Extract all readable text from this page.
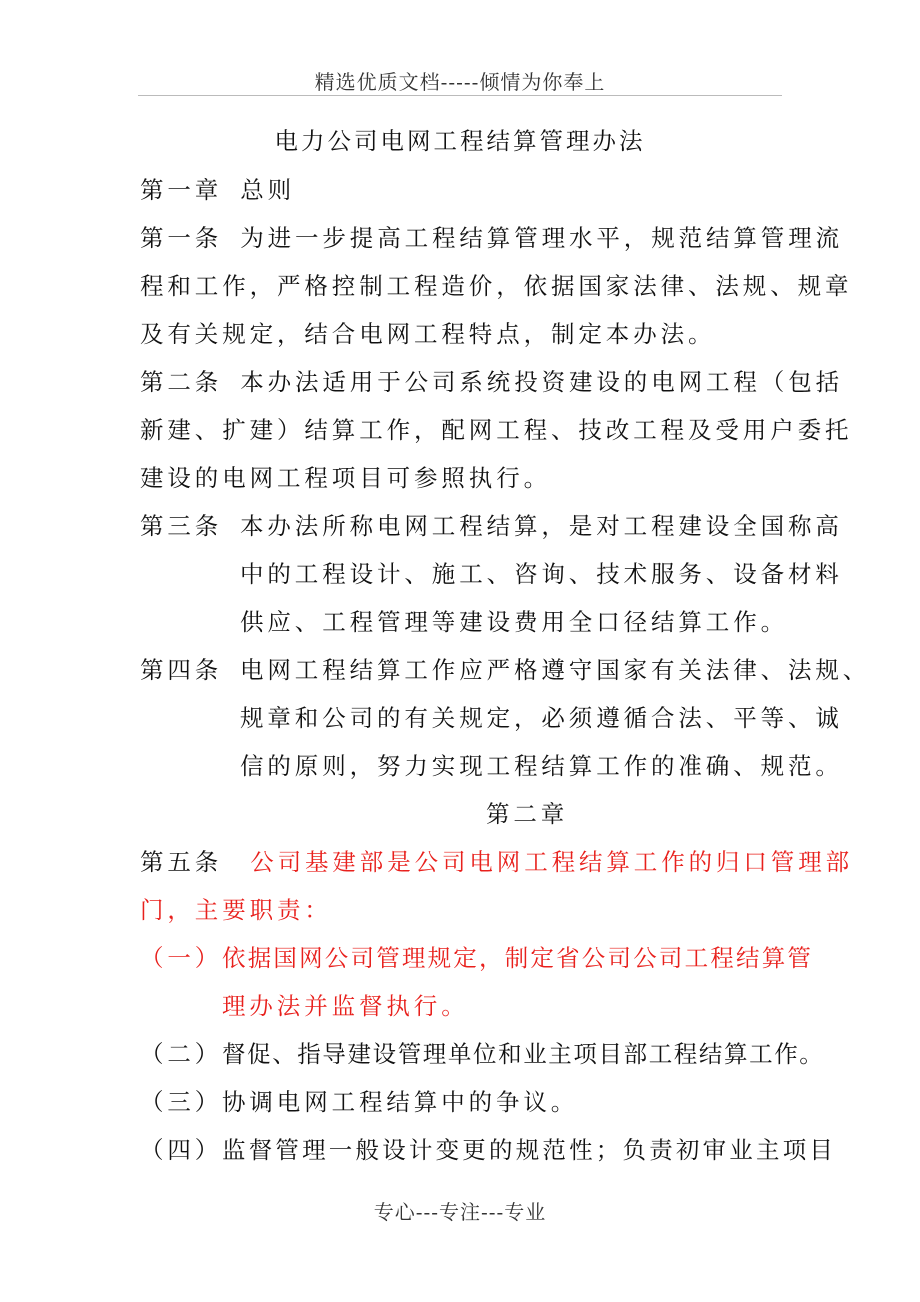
精选优质文档-----倾情为你奉上
电力公司电网工程结算管理办法
第一章 总则
第一条 为进一步提高工程结算管理水平，规范结算管理流
程和工作，严格控制工程造价，依据国家法律、法规、规章
及有关规定，结合电网工程特点，制定本办法。
第二条 本办法适用于公司系统投资建设的电网工程（包括
新建、扩建）结算工作，配网工程、技改工程及受用户委托
建设的电网工程项目可参照执行。
第三条 本办法所称电网工程结算，是对工程建设全国称高
中的工程设计、施工、咨询、技术服务、设备材料
供应、工程管理等建设费用全口径结算工作。
第四条 电网工程结算工作应严格遵守国家有关法律、法规、
规章和公司的有关规定，必须遵循合法、平等、诚
信的原则，努力实现工程结算工作的准确、规范。
第二章
第五条 公司基建部是公司电网工程结算工作的归口管理部
门，主要职责：
（一） 依据国网公司管理规定，制定省公司公司工程结算管
理办法并监督执行。
（二） 督促、指导建设管理单位和业主项目部工程结算工作。
（三） 协调电网工程结算中的争议。
（四） 监督管理一般设计变更的规范性；负责初审业主项目
专心---专注---专业
